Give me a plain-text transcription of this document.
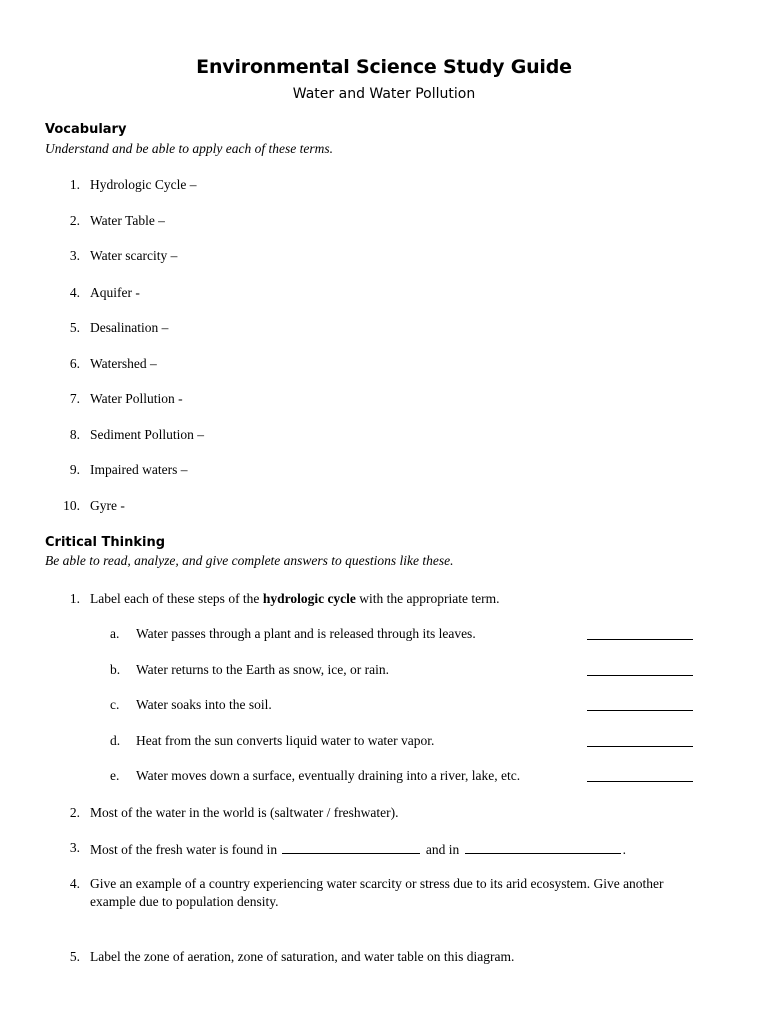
Environmental Science Study Guide
Water and Water Pollution
Vocabulary
Understand and be able to apply each of these terms.
1. Hydrologic Cycle –
2. Water Table –
3. Water scarcity –
4. Aquifer -
5. Desalination –
6. Watershed –
7. Water Pollution -
8. Sediment Pollution –
9. Impaired waters –
10. Gyre -
Critical Thinking
Be able to read, analyze, and give complete answers to questions like these.
1. Label each of these steps of the hydrologic cycle with the appropriate term.
a.	Water passes through a plant and is released through its leaves.
b. Water returns to the Earth as snow, ice, or rain.
c.	Water soaks into the soil.
d. Heat from the sun converts liquid water to water vapor.
e.	Water moves down a surface, eventually draining into a river, lake, etc.
2. Most of the water in the world is (saltwater / freshwater).
3. Most of the fresh water is found in	and in	.
4. Give an example of a country experiencing water scarcity or stress due to its arid ecosystem. Give another example due to population density.
5. Label the zone of aeration, zone of saturation, and water table on this diagram.
